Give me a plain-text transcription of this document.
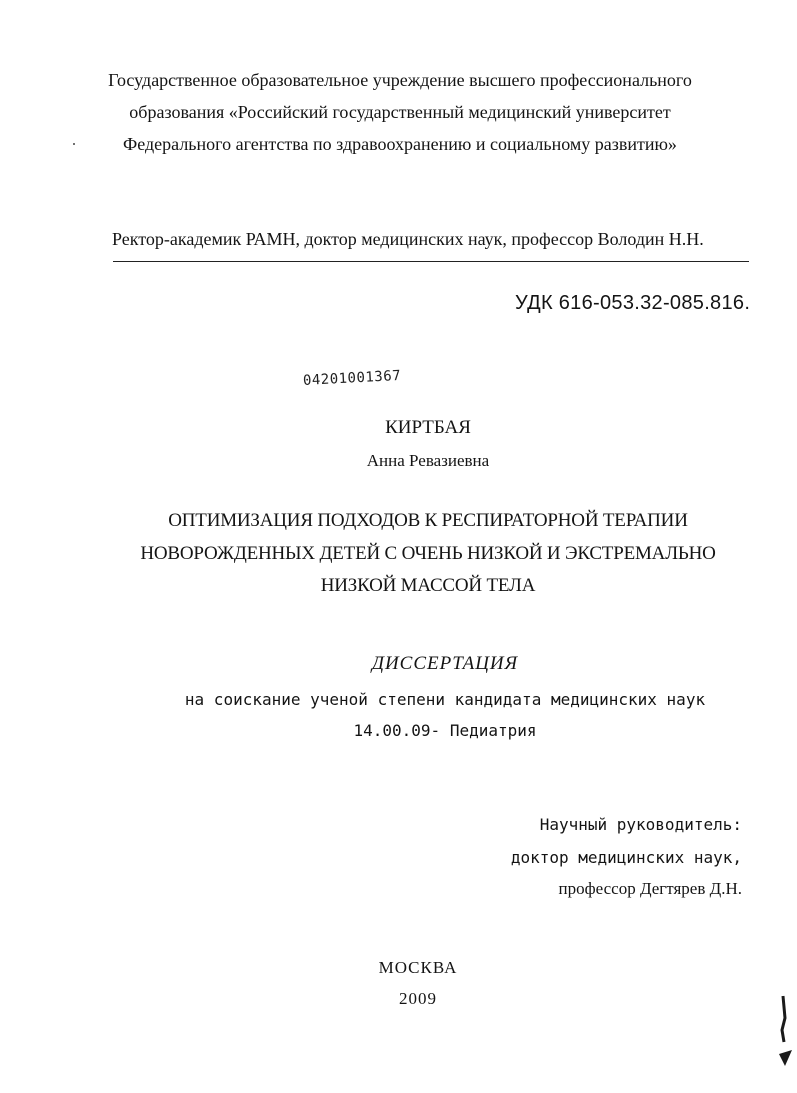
Государственное образовательное учреждение высшего профессионального
образования «Российский государственный медицинский университет
Федерального агентства по здравоохранению и социальному развитию»
Ректор-академик РАМН, доктор медицинских наук, профессор Володин Н.Н.
УДК 616-053.32-085.816.
04201001367
КИРТБАЯ
Анна Ревазиевна
ОПТИМИЗАЦИЯ ПОДХОДОВ К РЕСПИРАТОРНОЙ ТЕРАПИИ
НОВОРОЖДЕННЫХ ДЕТЕЙ С ОЧЕНЬ НИЗКОЙ И ЭКСТРЕМАЛЬНО
НИЗКОЙ МАССОЙ ТЕЛА
ДИССЕРТАЦИЯ
на соискание ученой степени кандидата медицинских наук
14.00.09- Педиатрия
Научный руководитель:
доктор медицинских наук,
профессор Дегтярев Д.Н.
МОСКВА
2009
